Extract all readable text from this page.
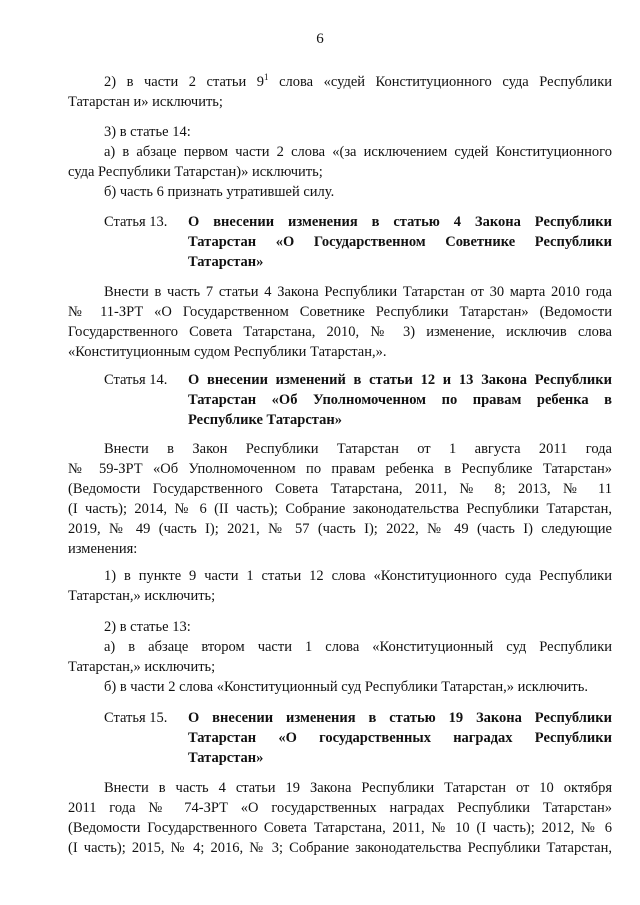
6

2) в части 2 статьи $9^1$ слова «судей Конституционного суда Республики

Татарстан и» исключить;

3) в статье 14:

а) в абзаце первом части 2 слова «(за исключением судей Конституционного

суда Республики Татарстан)» исключить;

б) часть 6 признать утратившей силу.

Статья 13. О внесении изменения в статью 4 Закона Республики

Татарстан «О Государственном Советнике Республики

Татарстан»

Внести в часть 7 статьи 4 Закона Республики Татарстан от 30 марта 2010 года

№ 11-ЗРТ «О Государственном Советнике Республики Татарстан» (Ведомости

Государственного Совета Татарстана, 2010, № 3) изменение, исключив слова

«Конституционным судом Республики Татарстан,».

Статья 14. О внесении изменений в статьи 12 и 13 Закона Республики

Татарстан «Об Уполномоченном по правам ребенка в

Республике Татарстан»

Внести в Закон Республики Татарстан от 1 августа 2011 года

№ 59-ЗРТ «Об Уполномоченном по правам ребенка в Республике Татарстан»

(Ведомости Государственного Совета Татарстана, 2011, № 8; 2013, № 11

(I часть); 2014, № 6 (II часть); Собрание законодательства Республики Татарстан,

2019, № 49 (часть I); 2021, № 57 (часть I); 2022, № 49 (часть I) следующие

изменения:

1) в пункте 9 части 1 статьи 12 слова «Конституционного суда Республики

Татарстан,» исключить;

2) в статье 13:

а) в абзаце втором части 1 слова «Конституционный суд Республики

Татарстан,» исключить;

б) в части 2 слова «Конституционный суд Республики Татарстан,» исключить.

Статья 15. О внесении изменения в статью 19 Закона Республики

Татарстан «О государственных наградах Республики

Татарстан»

Внести в часть 4 статьи 19 Закона Республики Татарстан от 10 октября

2011 года № 74-ЗРТ «О государственных наградах Республики Татарстан»

(Ведомости Государственного Совета Татарстана, 2011, № 10 (I часть); 2012, № 6

(I часть); 2015, № 4; 2016, № 3; Собрание законодательства Республики Татарстан,
